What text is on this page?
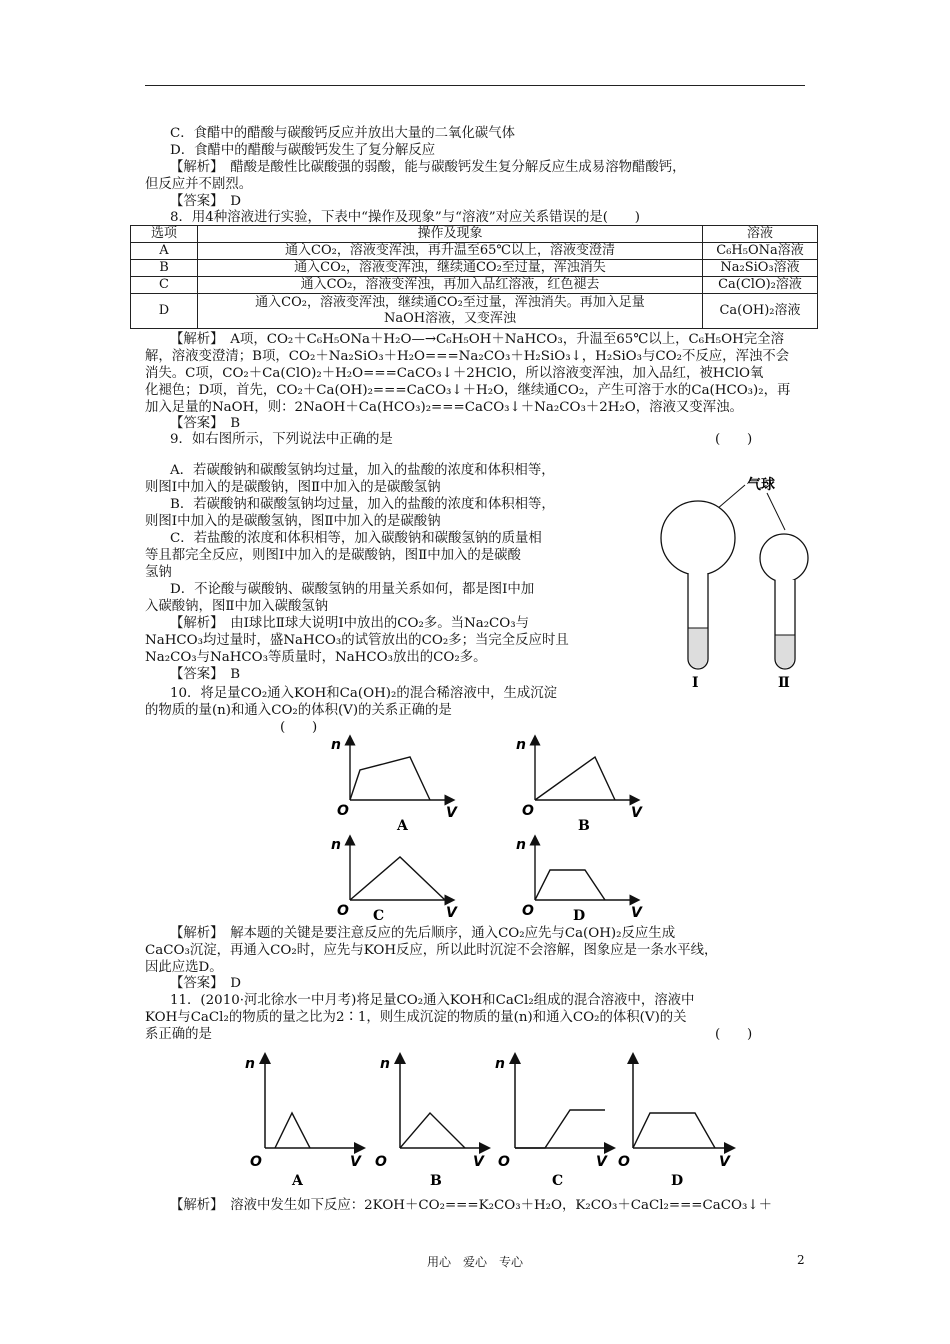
C．食醋中的醋酸与碳酸钙反应并放出大量的二氧化碳气体
D．食醋中的醋酸与碳酸钙发生了复分解反应
【解析】　醋酸是酸性比碳酸强的弱酸，能与碳酸钙发生复分解反应生成易溶物醋酸钙，
但反应并不剧烈。
【答案】　D
8．用4种溶液进行实验，下表中“操作及现象”与“溶液”对应关系错误的是(　　)
选项	操作及现象	溶液
A	通入CO₂，溶液变浑浊，再升温至65℃以上，溶液变澄清	C₆H₅ONa溶液
B	通入CO₂，溶液变浑浊，继续通CO₂至过量，浑浊消失	Na₂SiO₃溶液
C	通入CO₂，溶液变浑浊，再加入品红溶液，红色褪去	Ca(ClO)₂溶液
D	通入CO₂，溶液变浑浊，继续通CO₂至过量，浑浊消失。再加入足量
NaOH溶液，又变浑浊	Ca(OH)₂溶液
【解析】　A项，CO₂＋C₆H₅ONa＋H₂O—→C₆H₅OH＋NaHCO₃，升温至65℃以上，C₆H₅OH完全溶
解，溶液变澄清；B项，CO₂＋Na₂SiO₃＋H₂O===Na₂CO₃＋H₂SiO₃↓，H₂SiO₃与CO₂不反应，浑浊不会
消失。C项，CO₂＋Ca(ClO)₂＋H₂O===CaCO₃↓＋2HClO，所以溶液变浑浊，加入品红，被HClO氧
化褪色；D项，首先，CO₂＋Ca(OH)₂===CaCO₃↓＋H₂O，继续通CO₂，产生可溶于水的Ca(HCO₃)₂，再
加入足量的NaOH，则：2NaOH＋Ca(HCO₃)₂===CaCO₃↓＋Na₂CO₃＋2H₂O，溶液又变浑浊。
【答案】　B
9．如右图所示，下列说法中正确的是	(　　)
A．若碳酸钠和碳酸氢钠均过量，加入的盐酸的浓度和体积相等，
则图Ⅰ中加入的是碳酸钠，图Ⅱ中加入的是碳酸氢钠
B．若碳酸钠和碳酸氢钠均过量，加入的盐酸的浓度和体积相等，
则图Ⅰ中加入的是碳酸氢钠，图Ⅱ中加入的是碳酸钠
C．若盐酸的浓度和体积相等，加入碳酸钠和碳酸氢钠的质量相
等且都完全反应，则图Ⅰ中加入的是碳酸钠，图Ⅱ中加入的是碳酸
氢钠
D．不论酸与碳酸钠、碳酸氢钠的用量关系如何，都是图Ⅰ中加
入碳酸钠，图Ⅱ中加入碳酸氢钠
【解析】　由Ⅰ球比Ⅱ球大说明Ⅰ中放出的CO₂多。当Na₂CO₃与
NaHCO₃均过量时，盛NaHCO₃的试管放出的CO₂多；当完全反应时且
Na₂CO₃与NaHCO₃等质量时，NaHCO₃放出的CO₂多。
【答案】　B
气球
Ⅰ	Ⅱ
10．将足量CO₂通入KOH和Ca(OH)₂的混合稀溶液中，生成沉淀
的物质的量(n)和通入CO₂的体积(V)的关系正确的是
(　　)
n
O	V
A
n
O	V
B
n
O	V
C
n
O	V
D
【解析】　解本题的关键是要注意反应的先后顺序，通入CO₂应先与Ca(OH)₂反应生成
CaCO₃沉淀，再通入CO₂时，应先与KOH反应，所以此时沉淀不会溶解，图象应是一条水平线，
因此应选D。
【答案】　D
11．(2010·河北徐水一中月考)将足量CO₂通入KOH和CaCl₂组成的混合溶液中，溶液中
KOH与CaCl₂的物质的量之比为2∶1，则生成沉淀的物质的量(n)和通入CO₂的体积(V)的关
系正确的是	(　　)
n
O	V
A
n
O	V
B
n
O	V
C
O	V
D
【解析】　溶液中发生如下反应：2KOH＋CO₂===K₂CO₃＋H₂O，K₂CO₃＋CaCl₂===CaCO₃↓＋
用心　爱心　专心	2
